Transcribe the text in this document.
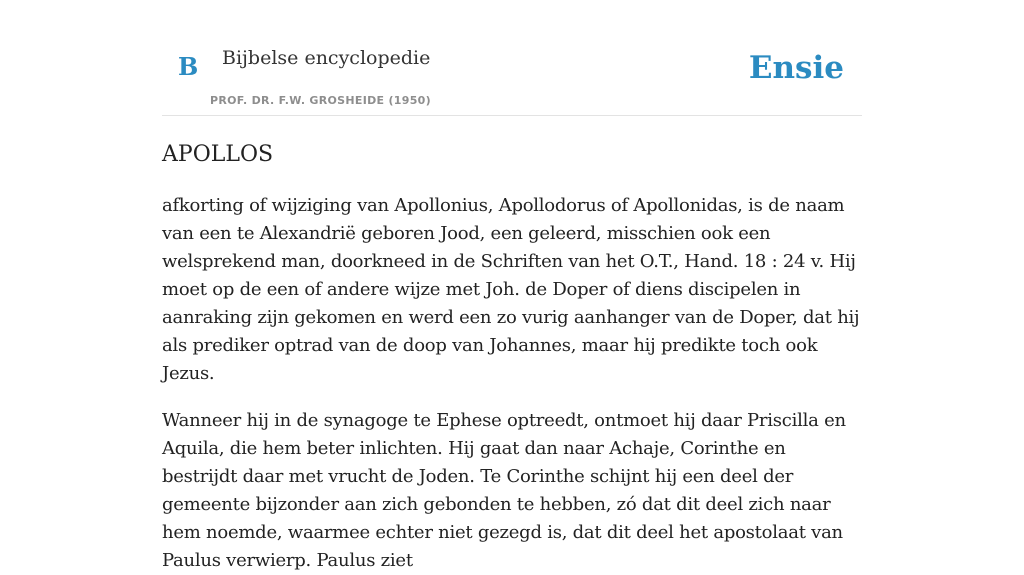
B Bijbelse encyclopedie
PROF. DR. F.W. GROSHEIDE (1950)
Ensie
APOLLOS

afkorting of wijziging van Apollonius, Apollodorus of Apollonidas, is de naam van een te Alexandrië geboren Jood, een geleerd, misschien ook een welsprekend man, doorkneed in de Schriften van het O.T., Hand. 18 : 24 v. Hij moet op de een of andere wijze met Joh. de Doper of diens discipelen in aanraking zijn gekomen en werd een zo vurig aanhanger van de Doper, dat hij als prediker optrad van de doop van Johannes, maar hij predikte toch ook Jezus.

Wanneer hij in de synagoge te Ephese optreedt, ontmoet hij daar Priscilla en Aquila, die hem beter inlichten. Hij gaat dan naar Achaje, Corinthe en bestrijdt daar met vrucht de Joden. Te Corinthe schijnt hij een deel der gemeente bijzonder aan zich gebonden te hebben, zó dat dit deel zich naar hem noemde, waarmee echter niet gezegd is, dat dit deel het apostolaat van Paulus verwierp. Paulus ziet
